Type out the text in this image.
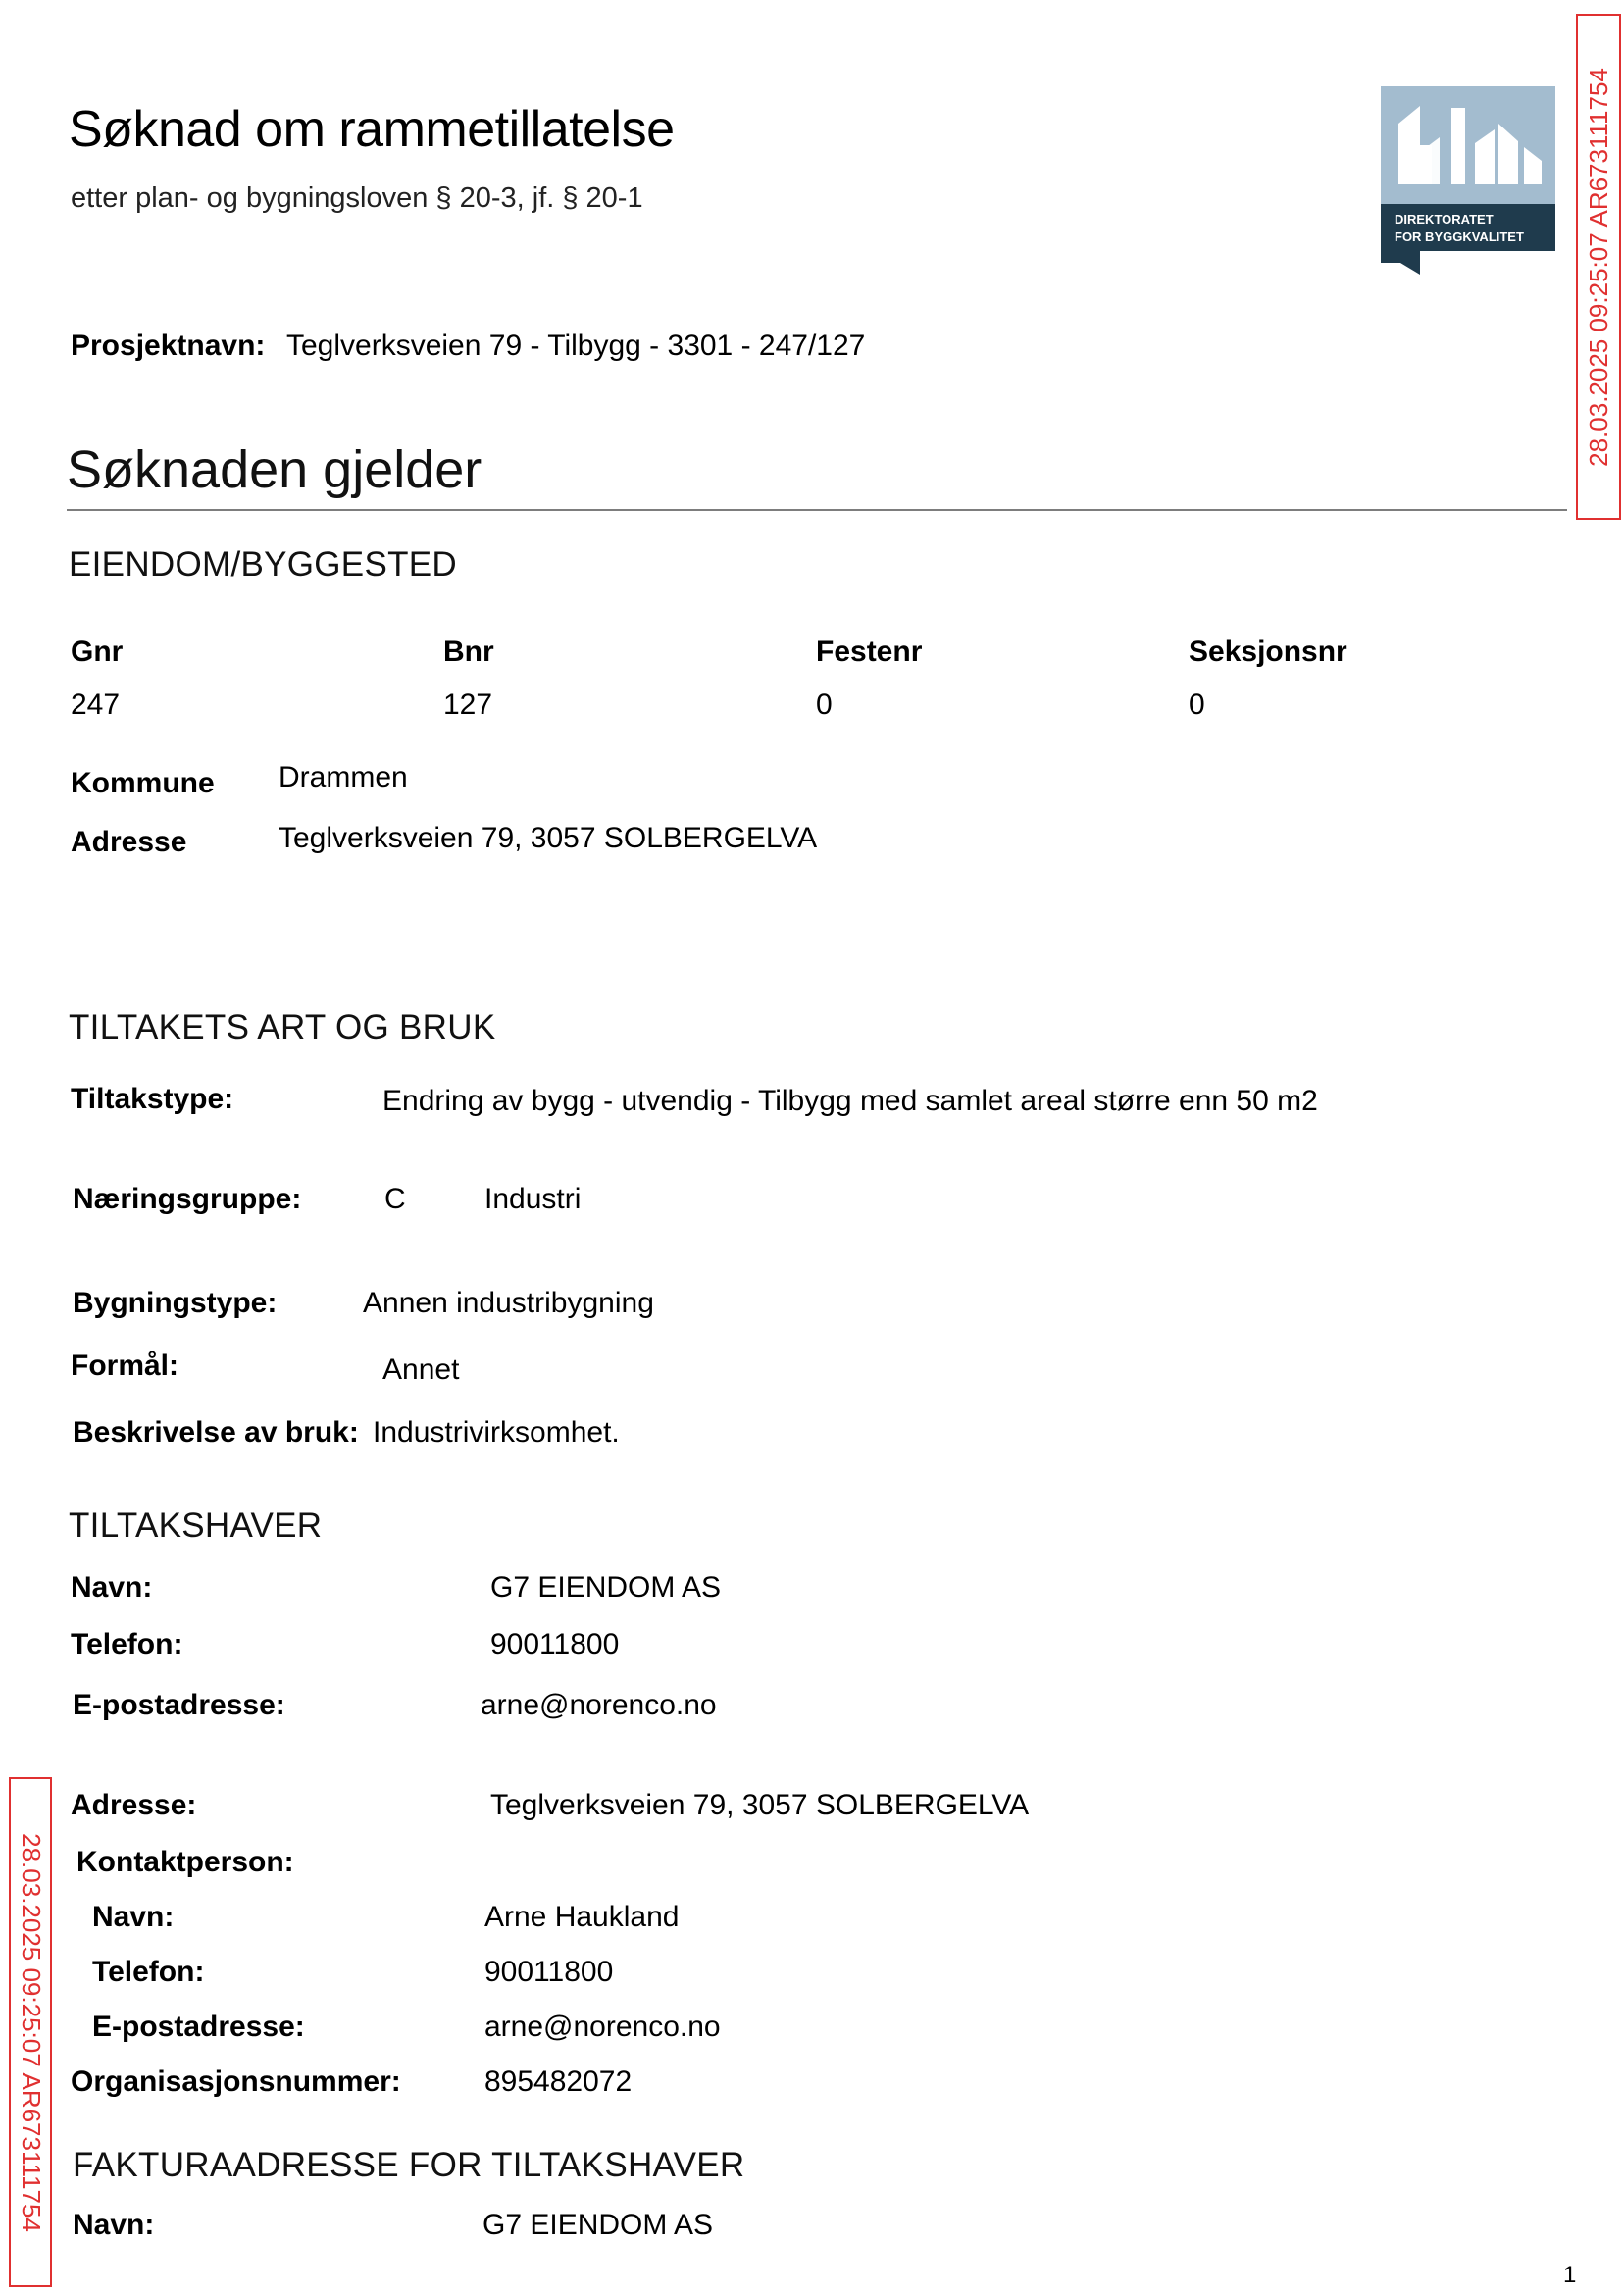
Søknad om rammetillatelse
etter plan- og bygningsloven § 20-3, jf. § 20-1
DIREKTORATET
FOR BYGGKVALITET 28.03.2025 09:25:07 AR673111754
28.03.2025 09:25:07 AR673111754
Prosjektnavn: Teglverksveien 79 - Tilbygg - 3301 - 247/127
Søknaden gjelder
EIENDOM/BYGGESTED
Gnr	Bnr	Festenr	Seksjonsnr
247	127	0	0
Kommune Drammen
Adresse	Teglverksveien 79, 3057 SOLBERGELVA
TILTAKETS ART OG BRUK
Tiltakstype:	Endring av bygg - utvendig - Tilbygg med samlet areal større enn 50 m2
Næringsgruppe:	C	Industri
Bygningstype:	Annen industribygning
Formål:	Annet
Beskrivelse av bruk: Industrivirksomhet.
TILTAKSHAVER
Navn:	G7 EIENDOM AS
Telefon:	90011800
E-postadresse:	arne@norenco.no
Adresse:	Teglverksveien 79, 3057 SOLBERGELVA
Kontaktperson:
Navn:	Arne Haukland
Telefon:	90011800
E-postadresse:	arne@norenco.no
Organisasjonsnummer:	895482072
FAKTURAADRESSE FOR TILTAKSHAVER
Navn:	G7 EIENDOM AS
1
